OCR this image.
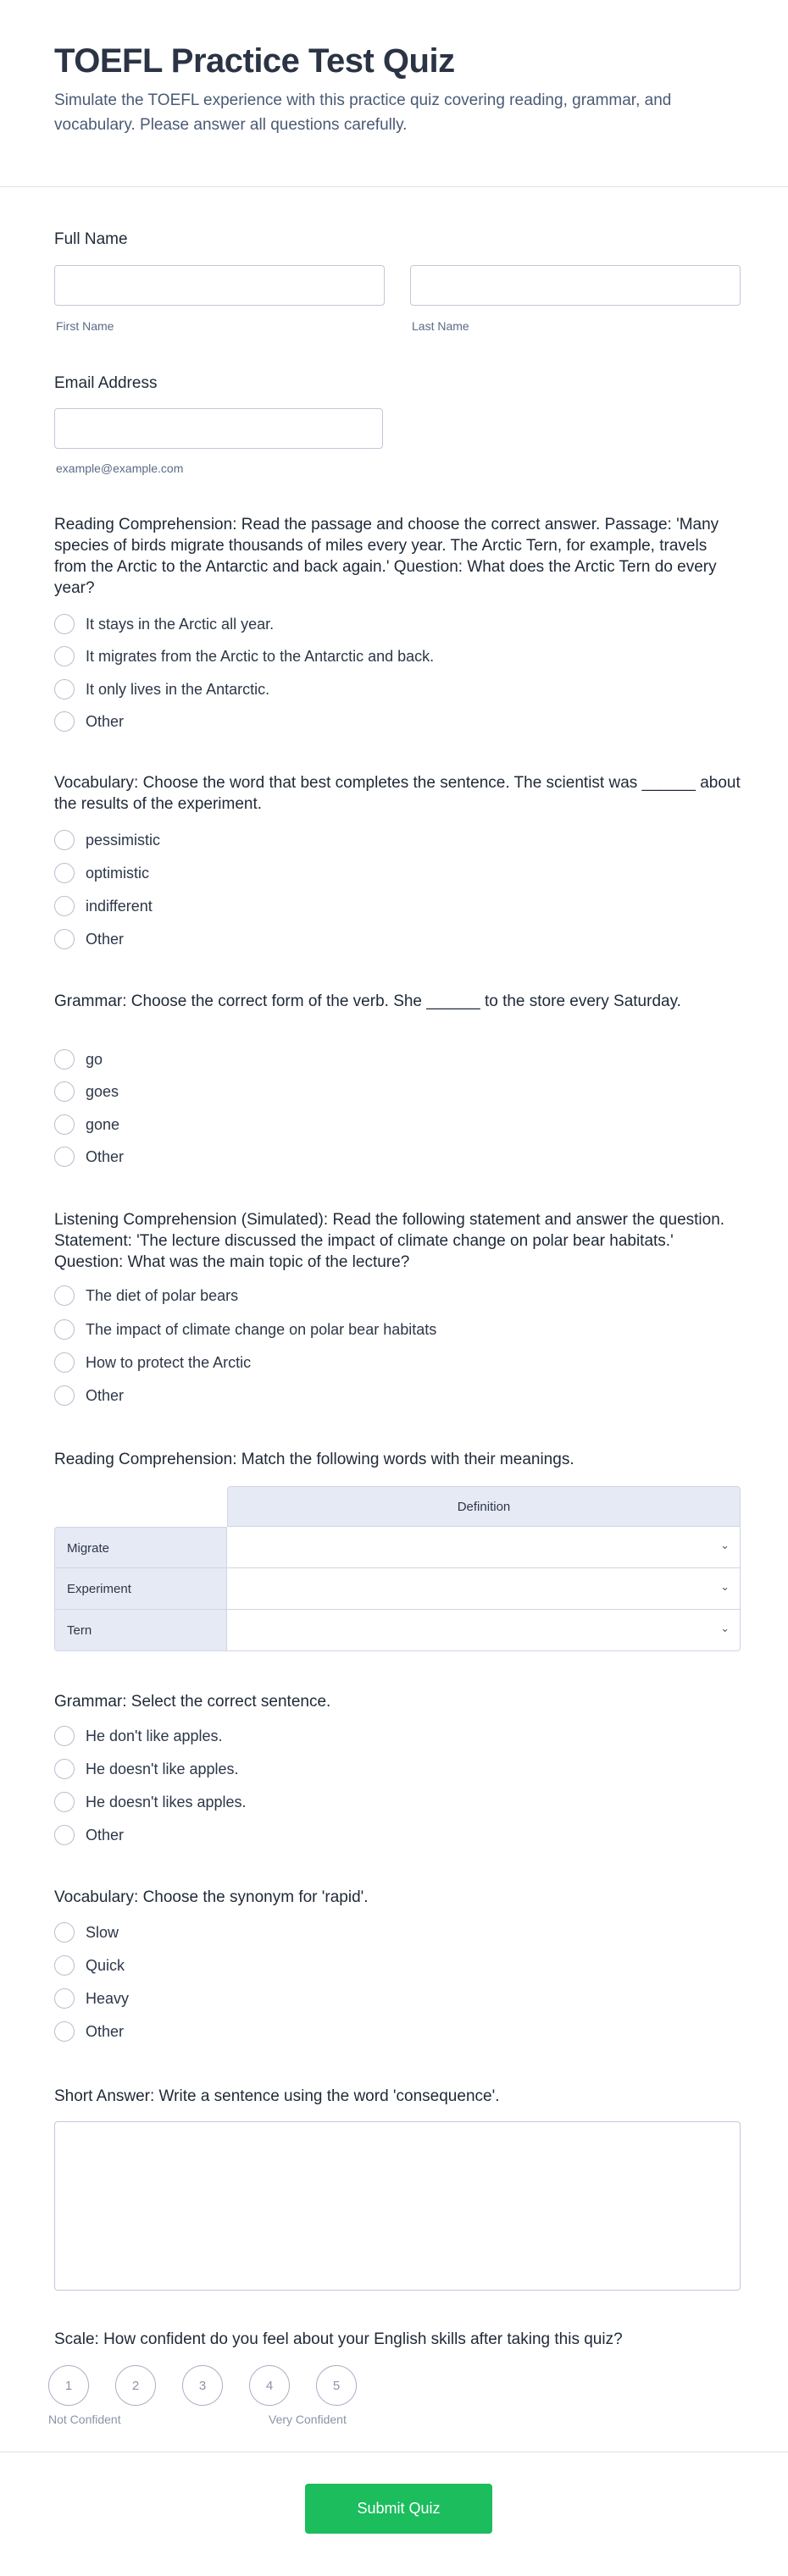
TOEFL Practice Test Quiz

Simulate the TOEFL experience with this practice quiz covering reading, grammar, and vocabulary. Please answer all questions carefully.

Full Name
First Name	Last Name
Email Address
example@example.com
Reading Comprehension: Read the passage and choose the correct answer. Passage: 'Many species of birds migrate thousands of miles every year. The Arctic Tern, for example, travels from the Arctic to the Antarctic and back again.' Question: What does the Arctic Tern do every year?
It stays in the Arctic all year.
It migrates from the Arctic to the Antarctic and back.
It only lives in the Antarctic.
Other
Vocabulary: Choose the word that best completes the sentence. The scientist was ______ about the results of the experiment.
pessimistic
optimistic
indifferent
Other
Grammar: Choose the correct form of the verb. She ______ to the store every Saturday.
go
goes
gone
Other
Listening Comprehension (Simulated): Read the following statement and answer the question. Statement: 'The lecture discussed the impact of climate change on polar bear habitats.' Question: What was the main topic of the lecture?
The diet of polar bears
The impact of climate change on polar bear habitats
How to protect the Arctic
Other
Reading Comprehension: Match the following words with their meanings.
Definition
Migrate	⌄
Experiment	⌄
Tern	⌄
Grammar: Select the correct sentence.
He don't like apples.
He doesn't like apples.
He doesn't likes apples.
Other
Vocabulary: Choose the synonym for 'rapid'.
Slow
Quick
Heavy
Other
Short Answer: Write a sentence using the word 'consequence'.
Scale: How confident do you feel about your English skills after taking this quiz?
1	2	3	4	5
Not Confident	Very Confident
Submit Quiz
